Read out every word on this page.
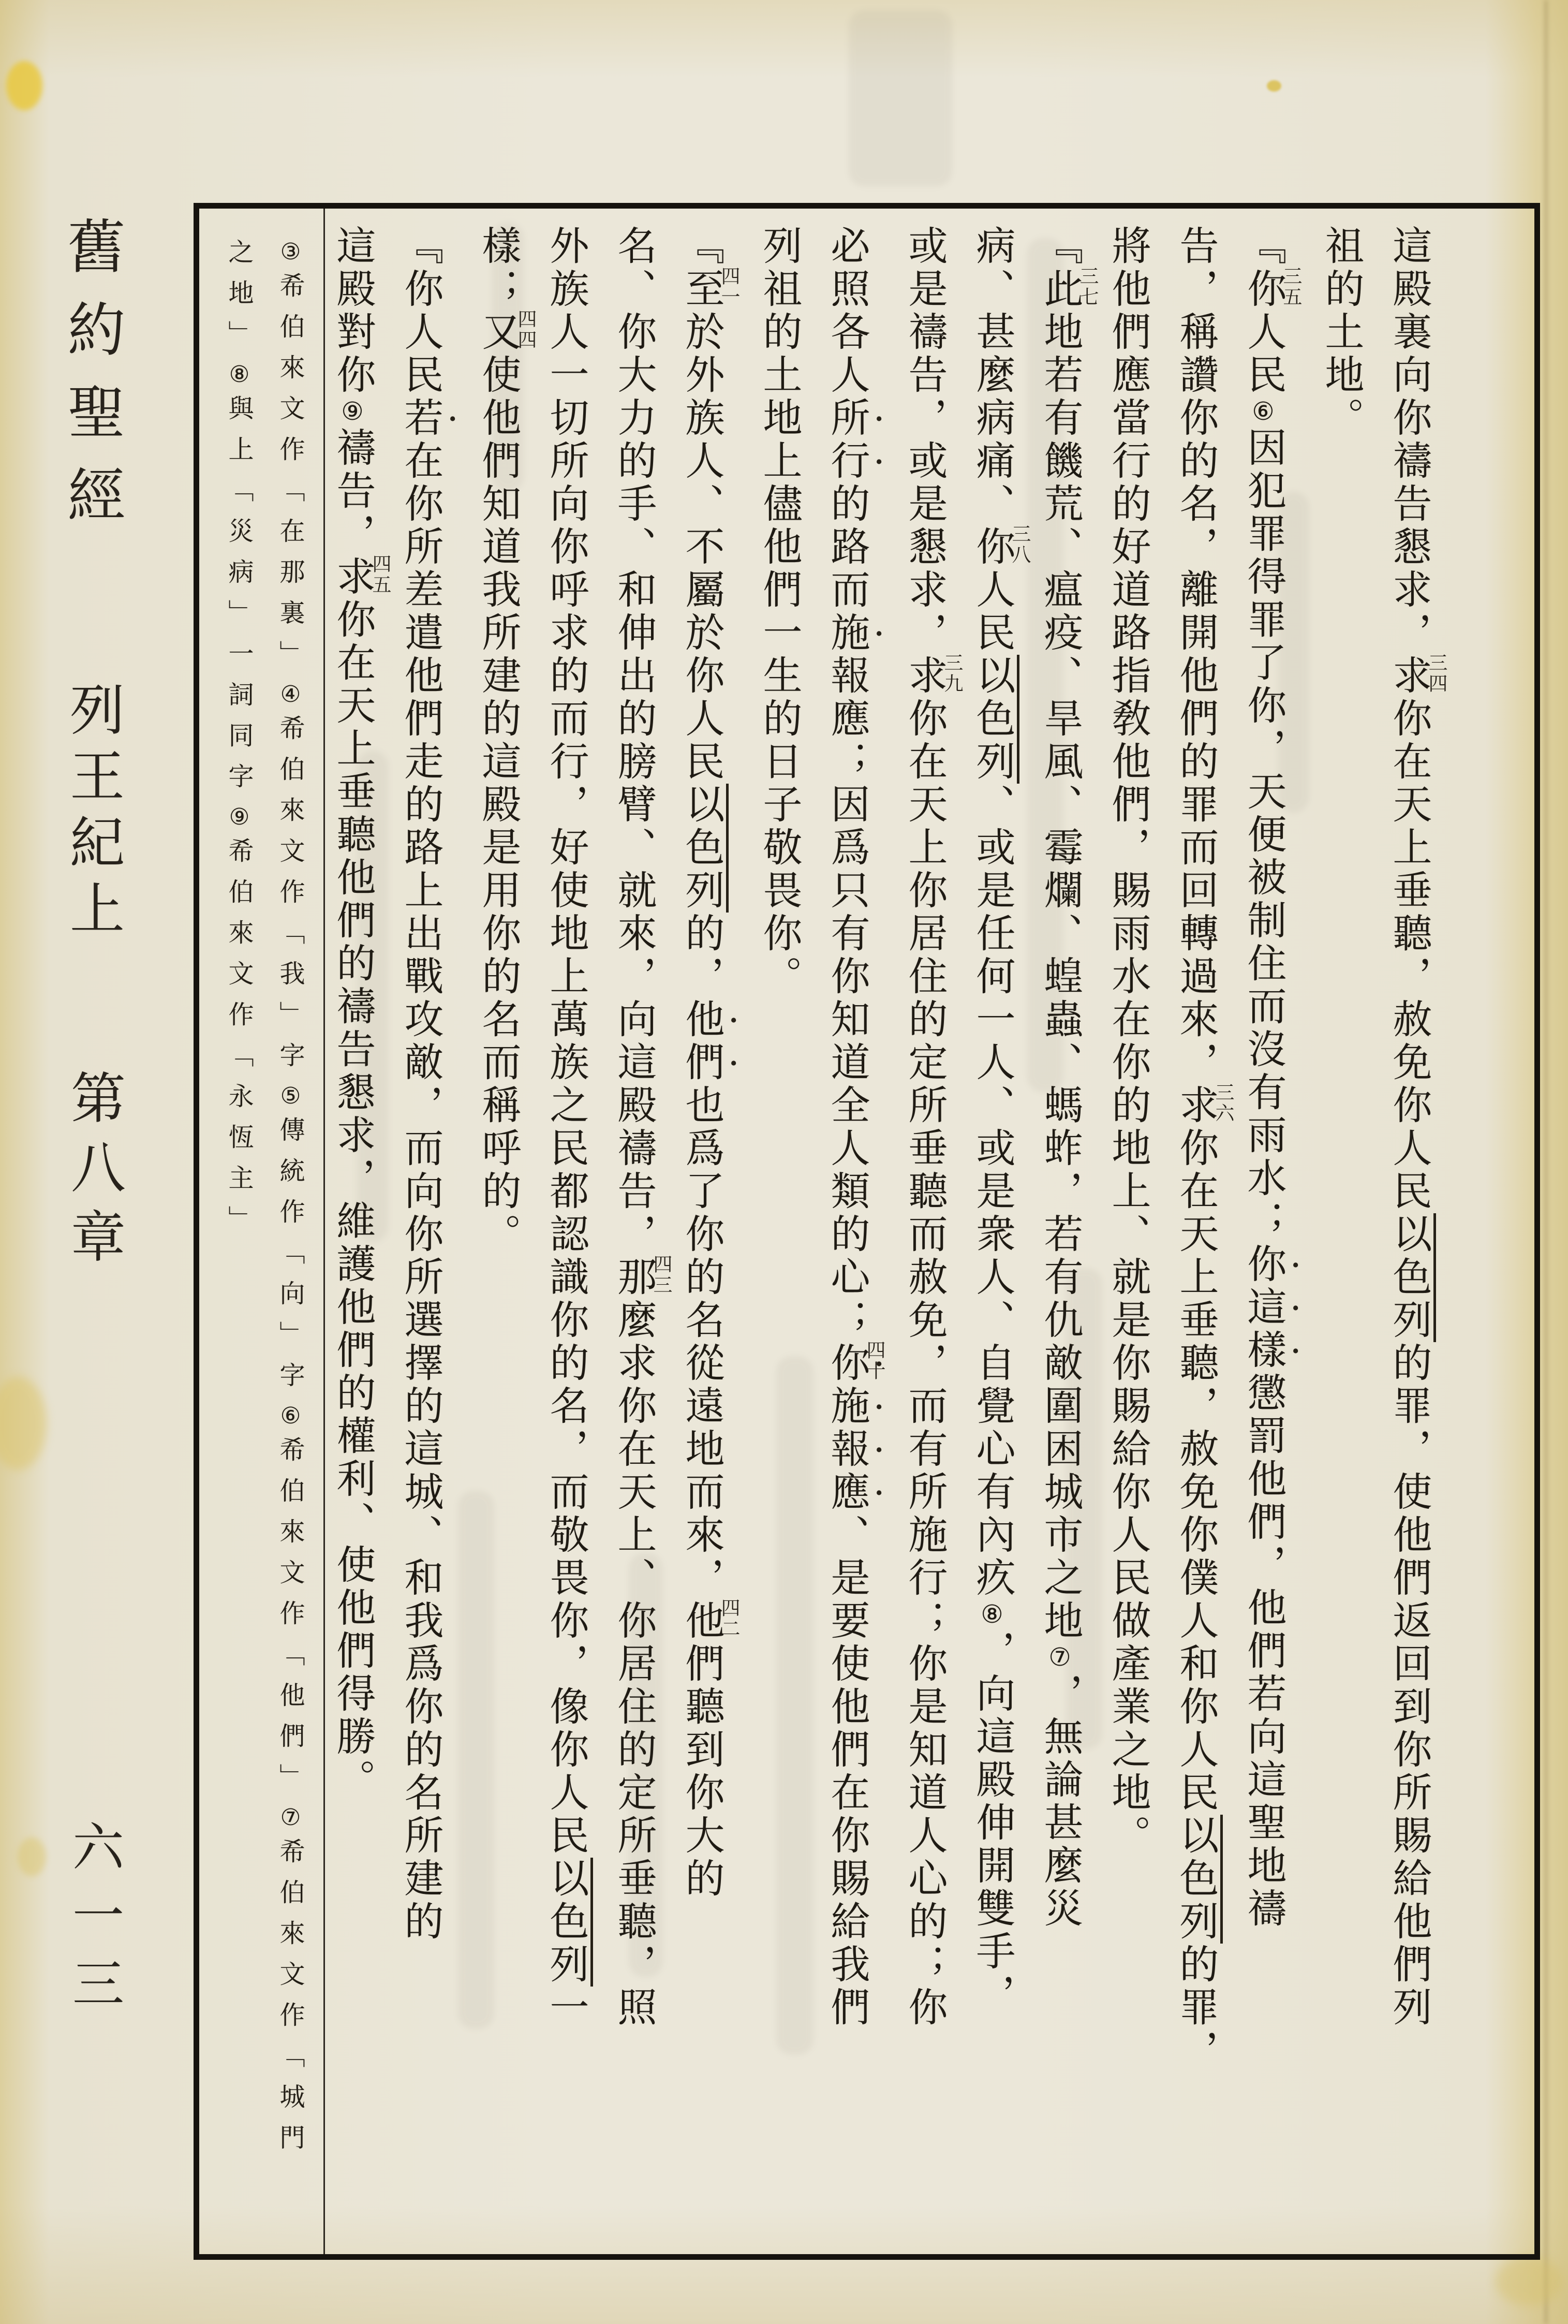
舊約聖經
列王紀上
第八章
六一三

這殿裏向你禱告懇求，
三四
求你在天上垂聽，赦免你人民以色列的罪，使他們返回到你所賜給他們列

祖的土地。

﹃
三五
你人民⑥因犯罪得罪了你，天便被制住而沒有雨水；你這樣懲罰他們，他們若向這聖地禱

告，稱讚你的名，離開他們的罪而回轉過來，
三六
求你在天上垂聽，赦免你僕人和你人民以色列的罪，

將他們應當行的好道路指敎他們，賜雨水在你的地上、就是你賜給你人民做產業之地。

﹃
三七
此地若有饑荒、瘟疫、旱風、霉爛、蝗蟲、螞蚱，若有仇敵圍困城市之地⑦，無論甚麼災

病、甚麼病痛、
三八
你人民以色列、或是任何一人、或是衆人、自覺心有內疚⑧，向這殿伸開雙手，

或是禱告，或是懇求，
三九
求你在天上你居住的定所垂聽而赦免，而有所施行；你是知道人心的；你

必照各人所行的路而施報應；因爲只有你知道全人類的心；
四十
你施報應、是要使他們在你賜給我們

列祖的土地上儘他們一生的日子敬畏你。

﹃
四一
至於外族人、不屬於你人民以色列的，他們也爲了你的名從遠地而來，
四二
他們聽到你大的

名、你大力的手、和伸出的膀臂、就來，向這殿禱告，
四三
那麼求你在天上、你居住的定所垂聽，照

外族人一切所向你呼求的而行，好使地上萬族之民都認識你的名，而敬畏你，像你人民以色列一

樣；
四四
又使他們知道我所建的這殿是用你的名而稱呼的。

﹃你人民若在你所差遣他們走的路上出戰攻敵，而向你所選擇的這城、和我爲你的名所建的

這殿對你⑨禱告，
四五
求你在天上垂聽他們的禱告懇求，維護他們的權利、使他們得勝。

③希伯來文作﹁在那裏﹂④希伯來文作﹁我﹂字⑤傳統作﹁向﹂字⑥希伯來文作﹁他們﹂⑦希伯來文作﹁城門

之地﹂⑧與上﹁災病﹂一詞同字⑨希伯來文作﹁永恆主﹂
